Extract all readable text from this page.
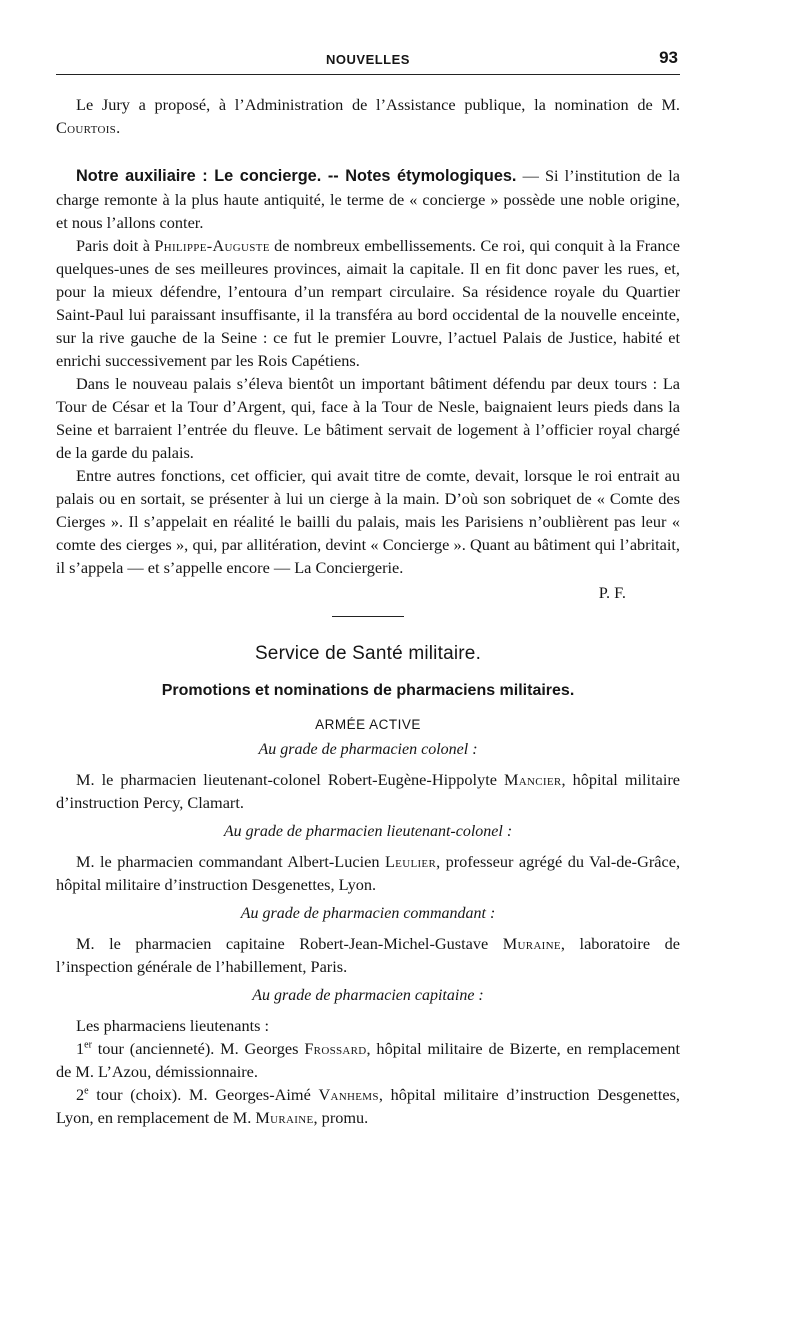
NOUVELLES	93

Le Jury a proposé, à l’Administration de l’Assistance publique, la nomination de M. Courtois.

Notre auxiliaire : Le concierge. -- Notes étymologiques. — Si l’institution de la charge remonte à la plus haute antiquité, le terme de « concierge » possède une noble origine, et nous l’allons conter.

Paris doit à Philippe-Auguste de nombreux embellissements. Ce roi, qui conquit à la France quelques-unes de ses meilleures provinces, aimait la capitale. Il en fit donc paver les rues, et, pour la mieux défendre, l’entoura d’un rempart circulaire. Sa résidence royale du Quartier Saint-Paul lui paraissant insuffisante, il la transféra au bord occidental de la nouvelle enceinte, sur la rive gauche de la Seine : ce fut le premier Louvre, l’actuel Palais de Justice, habité et enrichi successivement par les Rois Capétiens.

Dans le nouveau palais s’éleva bientôt un important bâtiment défendu par deux tours : La Tour de César et la Tour d’Argent, qui, face à la Tour de Nesle, baignaient leurs pieds dans la Seine et barraient l’entrée du fleuve. Le bâtiment servait de logement à l’officier royal chargé de la garde du palais.

Entre autres fonctions, cet officier, qui avait titre de comte, devait, lorsque le roi entrait au palais ou en sortait, se présenter à lui un cierge à la main. D’où son sobriquet de « Comte des Cierges ». Il s’appelait en réalité le bailli du palais, mais les Parisiens n’oublièrent pas leur « comte des cierges », qui, par allitération, devint « Concierge ». Quant au bâtiment qui l’abritait, il s’appela — et s’appelle encore — La Conciergerie.

P. F.

Service de Santé militaire.
Promotions et nominations de pharmaciens militaires.
ARMÉE ACTIVE
Au grade de pharmacien colonel :

M. le pharmacien lieutenant-colonel Robert-Eugène-Hippolyte Mancier, hôpital militaire d’instruction Percy, Clamart.

Au grade de pharmacien lieutenant-colonel :

M. le pharmacien commandant Albert-Lucien Leulier, professeur agrégé du Val-de-Grâce, hôpital militaire d’instruction Desgenettes, Lyon.

Au grade de pharmacien commandant :

M. le pharmacien capitaine Robert-Jean-Michel-Gustave Muraine, laboratoire de l’inspection générale de l’habillement, Paris.

Au grade de pharmacien capitaine :

Les pharmaciens lieutenants :

1er tour (ancienneté). M. Georges Frossard, hôpital militaire de Bizerte, en remplacement de M. L’Azou, démissionnaire.

2e tour (choix). M. Georges-Aimé Vanhems, hôpital militaire d’instruction Desgenettes, Lyon, en remplacement de M. Muraine, promu.
